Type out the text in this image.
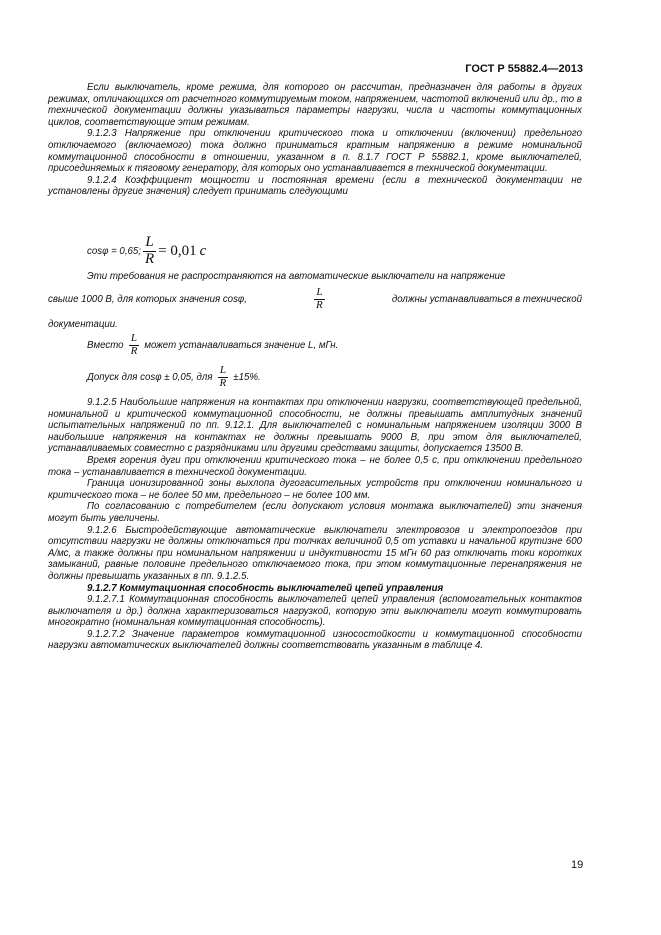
ГОСТ Р 55882.4—2013

Если выключатель, кроме режима, для которого он рассчитан, предназначен для работы в других режимах, отличающихся от расчетного коммутируемым током, напряжением, частотой включений или др., то в технической документации должны указываться параметры нагрузки, числа и частоты коммутационных циклов, соответствующие этим режимам.

9.1.2.3 Напряжение при отключении критического тока и отключении (включении) предельного отключаемого (включаемого) тока должно приниматься кратным напряжению в режиме номинальной коммутационной способности в отношении, указанном в п. 8.1.7 ГОСТ Р 55882.1, кроме выключателей, присоединяемых к тяговому генератору, для которых оно устанавливается в технической документации.

9.1.2.4 Коэффициент мощности и постоянная времени (если в технической документации не установлены другие значения) следует принимать следующими

cosφ = 0,65; $\frac{L}{R} = 0,01$ c

Эти требования не распространяются на автоматические выключатели на напряжение

свыше 1000 В, для которых значения cosφ,	$\frac{L}{R}$	должны устанавливаться в технической
документации.
Вместо $\frac{L}{R}$ может устанавливаться значение L, мГн.
Допуск для cosφ ± 0,05, для $\frac{L}{R} \pm 15\%$.

9.1.2.5 Наибольшие напряжения на контактах при отключении нагрузки, соответствующей предельной, номинальной и критической коммутационной способности, не должны превышать амплитудных значений испытательных напряжений по пп. 9.12.1. Для выключателей с номинальным напряжением изоляции 3000 В наибольшие напряжения на контактах не должны превышать 9000 В, при этом для выключателей, устанавливаемых совместно с разрядниками или другими средствами защиты, допускается 13500 В.

Время горения дуги при отключении критического тока – не более 0,5 с, при отключении предельного тока – устанавливается в технической документации.

Граница ионизированной зоны выхлопа дугогасительных устройств при отключении номинального и критического тока – не более 50 мм, предельного – не более 100 мм.

По согласованию с потребителем (если допускают условия монтажа выключателей) эти значения могут быть увеличены.

9.1.2.6 Быстродействующие автоматические выключатели электровозов и электропоездов при отсутствии нагрузки не должны отключаться при толчках величиной 0,5 от уставки и начальной крутизне 600 А/мс, а также должны при номинальном напряжении и индуктивности 15 мГн 60 раз отключать токи коротких замыканий, равные половине предельного отключаемого тока, при этом коммутационные перенапряжения не должны превышать указанных в пп. 9.1.2.5.

9.1.2.7 Коммутационная способность выключателей цепей управления

9.1.2.7.1 Коммутационная способность выключателей цепей управления (вспомогательных контактов выключателя и др.) должна характеризоваться нагрузкой, которую эти выключатели могут коммутировать многократно (номинальная коммутационная способность).

9.1.2.7.2 Значение параметров коммутационной износостойкости и коммутационной способности нагрузки автоматических выключателей должны соответствовать указанным в таблице 4.

19
